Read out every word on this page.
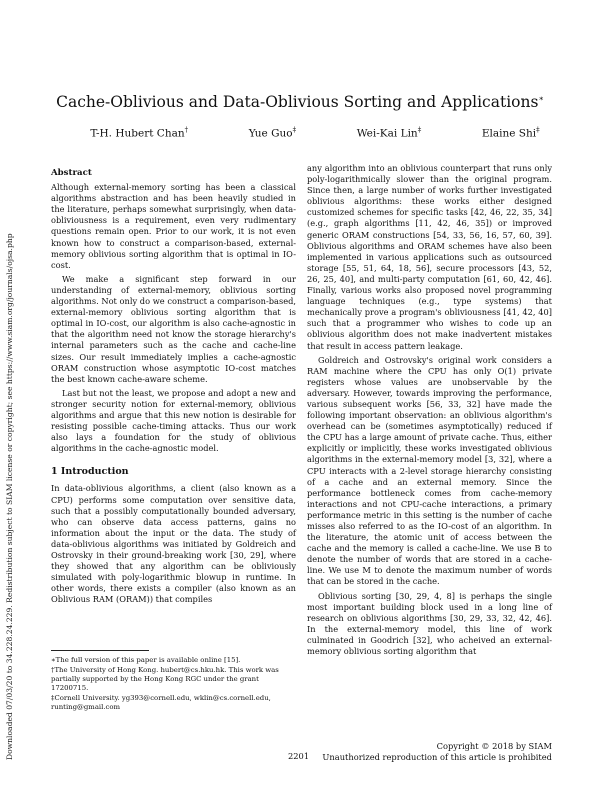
Downloaded 07/03/20 to 34.228.24.229. Redistribution subject to SIAM license or copyright; see https://www.siam.org/journals/ojsa.php
Cache-Oblivious and Data-Oblivious Sorting and Applications∗
T-H. Hubert Chan†	Yue Guo‡	Wei-Kai Lin‡	Elaine Shi‡
Abstract

Although external-memory sorting has been a classical algorithms abstraction and has been heavily studied in the literature, perhaps somewhat surprisingly, when data-obliviousness is a requirement, even very rudimentary questions remain open. Prior to our work, it is not even known how to construct a comparison-based, external-memory oblivious sorting algorithm that is optimal in IO-cost.

We make a significant step forward in our understanding of external-memory, oblivious sorting algorithms. Not only do we construct a comparison-based, external-memory oblivious sorting algorithm that is optimal in IO-cost, our algorithm is also cache-agnostic in that the algorithm need not know the storage hierarchy's internal parameters such as the cache and cache-line sizes. Our result immediately implies a cache-agnostic ORAM construction whose asymptotic IO-cost matches the best known cache-aware scheme.

Last but not the least, we propose and adopt a new and stronger security notion for external-memory, oblivious algorithms and argue that this new notion is desirable for resisting possible cache-timing attacks. Thus our work also lays a foundation for the study of oblivious algorithms in the cache-agnostic model.

1 Introduction

In data-oblivious algorithms, a client (also known as a CPU) performs some computation over sensitive data, such that a possibly computationally bounded adversary, who can observe data access patterns, gains no information about the input or the data. The study of data-oblivious algorithms was initiated by Goldreich and Ostrovsky in their ground-breaking work [30, 29], where they showed that any algorithm can be obliviously simulated with poly-logarithmic blowup in runtime. In other words, there exists a compiler (also known as an Oblivious RAM (ORAM)) that compiles

any algorithm into an oblivious counterpart that runs only poly-logarithmically slower than the original program. Since then, a large number of works further investigated oblivious algorithms: these works either designed customized schemes for specific tasks [42, 46, 22, 35, 34] (e.g., graph algorithms [11, 42, 46, 35]) or improved generic ORAM constructions [54, 33, 56, 16, 57, 60, 39]. Oblivious algorithms and ORAM schemes have also been implemented in various applications such as outsourced storage [55, 51, 64, 18, 56], secure processors [43, 52, 26, 25, 40], and multi-party computation [61, 60, 42, 46]. Finally, various works also proposed novel programming language techniques (e.g., type systems) that mechanically prove a program's obliviousness [41, 42, 40] such that a programmer who wishes to code up an oblivious algorithm does not make inadvertent mistakes that result in access pattern leakage.

Goldreich and Ostrovsky's original work considers a RAM machine where the CPU has only O(1) private registers whose values are unobservable by the adversary. However, towards improving the performance, various subsequent works [56, 33, 32] have made the following important observation: an oblivious algorithm's overhead can be (sometimes asymptotically) reduced if the CPU has a large amount of private cache. Thus, either explicitly or implicitly, these works investigated oblivious algorithms in the external-memory model [3, 32], where a CPU interacts with a 2-level storage hierarchy consisting of a cache and an external memory. Since the performance bottleneck comes from cache-memory interactions and not CPU-cache interactions, a primary performance metric in this setting is the number of cache misses also referred to as the IO-cost of an algorithm. In the literature, the atomic unit of access between the cache and the memory is called a cache-line. We use B to denote the number of words that are stored in a cache-line. We use M to denote the maximum number of words that can be stored in the cache.

Oblivious sorting [30, 29, 4, 8] is perhaps the single most important building block used in a long line of research on oblivious algorithms [30, 29, 33, 32, 42, 46]. In the external-memory model, this line of work culminated in Goodrich [32], who acheived an external-memory oblivious sorting algorithm that

∗The full version of this paper is available online [15].
†The University of Hong Kong. hubert@cs.hku.hk. This work was partially supported by the Hong Kong RGC under the grant 17200715.
‡Cornell University. yg393@cornell.edu, wklin@cs.cornell.edu, runting@gmail.com
2201
Copyright © 2018 by SIAM
Unauthorized reproduction of this article is prohibited
